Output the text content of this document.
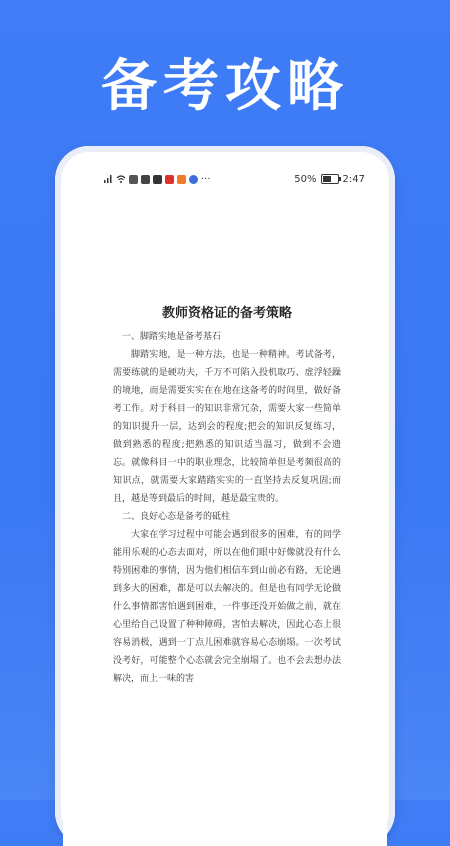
备考攻略
···	50%	2:47
教师资格证的备考策略

一、脚踏实地是备考基石

脚踏实地，是一种方法，也是一种精神。考试备考，需要练就的是硬功夫，千万不可陷入投机取巧、虚浮轻躁的境地，而是需要实实在在地在这备考的时间里，做好备考工作。对于科目一的知识非常冗杂，需要大家一些简单的知识提升一层，达到会的程度;把会的知识反复练习，做到熟悉的程度;把熟悉的知识适当温习，做到不会遗忘。就像科目一中的职业理念，比较简单但是考频很高的知识点，就需要大家踏踏实实的一直坚持去反复巩固;而且，越是等到最后的时间，越是最宝贵的。

二、良好心态是备考的砥柱

大家在学习过程中可能会遇到很多的困难，有的同学能用乐观的心态去面对，所以在他们眼中好像就没有什么特别困难的事情，因为他们相信车到山前必有路，无论遇到多大的困难，都是可以去解决的。但是也有同学无论做什么事情都害怕遇到困难，一件事还没开始做之前，就在心里给自己设置了种种障碍，害怕去解决，因此心态上很容易消极，遇到一丁点儿困难就容易心态崩塌。一次考试没考好，可能整个心态就会完全崩塌了。也不会去想办法解决，而上一味的害
